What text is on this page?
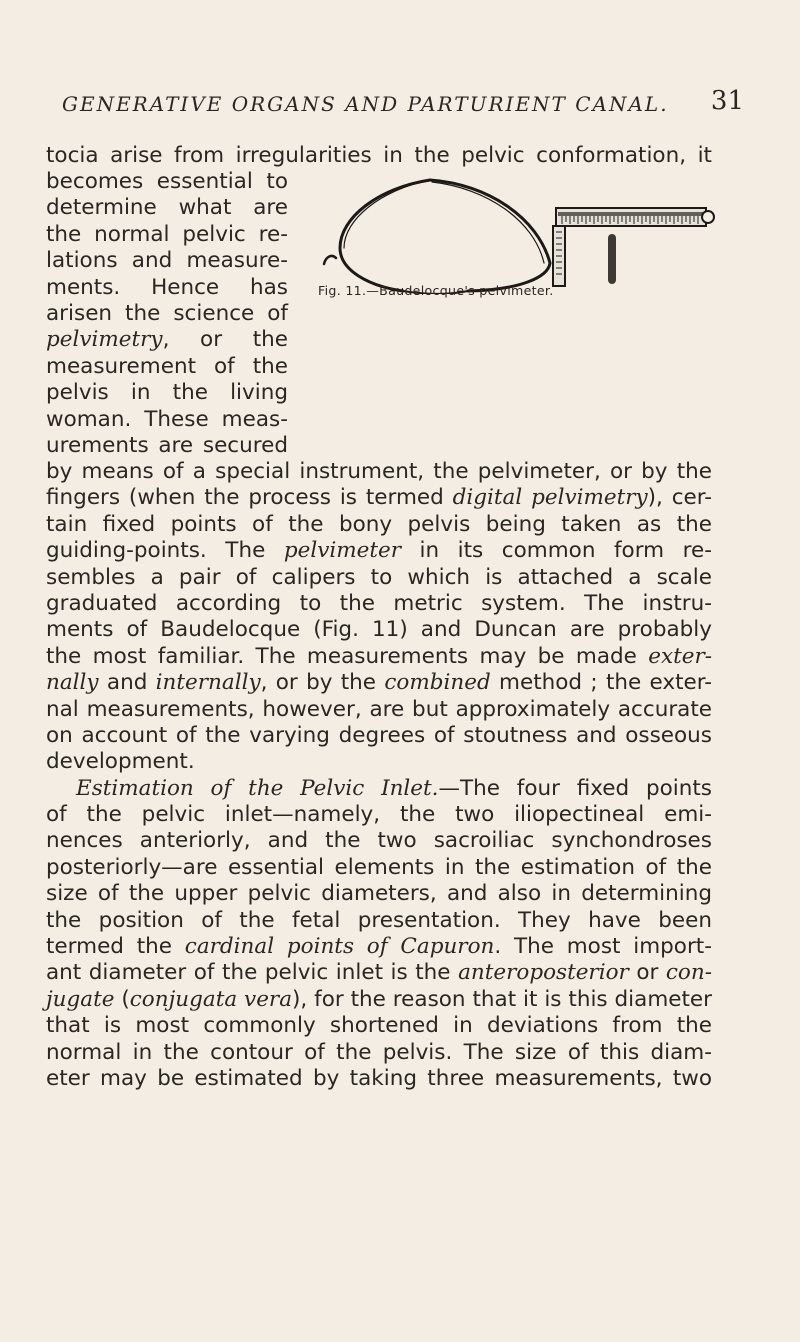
GENERATIVE ORGANS AND PARTURIENT CANAL. 31
Fig. 11.—Baudelocque's pelvimeter.
tocia arise from irregularities in the pelvic conformation, it
becomes essential to
determine what are
the normal pelvic re-
lations and measure-
ments. Hence has
arisen the science of
pelvimetry, or the
measurement of the
pelvis in the living
woman. These meas-
urements are secured
by means of a special instrument, the pelvimeter, or by the
fingers (when the process is termed digital pelvimetry), cer-
tain fixed points of the bony pelvis being taken as the
guiding-points. The pelvimeter in its common form re-
sembles a pair of calipers to which is attached a scale
graduated according to the metric system. The instru-
ments of Baudelocque (Fig. 11) and Duncan are probably
the most familiar. The measurements may be made exter-
nally and internally, or by the combined method ; the exter-
nal measurements, however, are but approximately accurate
on account of the varying degrees of stoutness and osseous
development.
Estimation of the Pelvic Inlet.—The four fixed points
of the pelvic inlet—namely, the two iliopectineal emi-
nences anteriorly, and the two sacroiliac synchondroses
posteriorly—are essential elements in the estimation of the
size of the upper pelvic diameters, and also in determining
the position of the fetal presentation. They have been
termed the cardinal points of Capuron. The most import-
ant diameter of the pelvic inlet is the anteroposterior or con-
jugate (conjugata vera), for the reason that it is this diameter
that is most commonly shortened in deviations from the
normal in the contour of the pelvis. The size of this diam-
eter may be estimated by taking three measurements, two
